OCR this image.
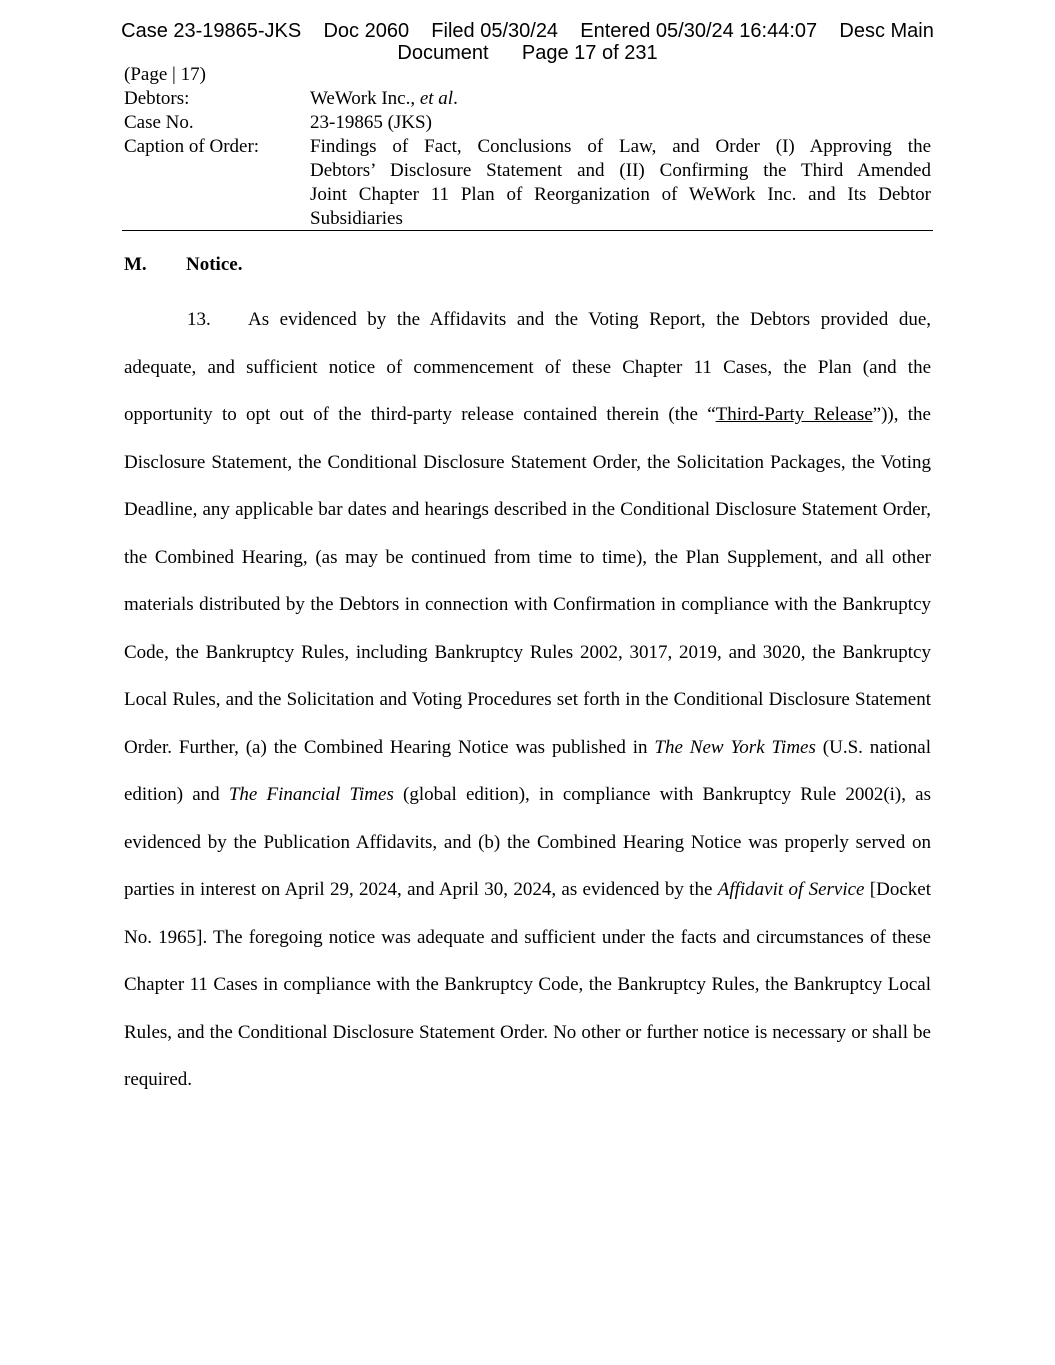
Case 23-19865-JKS    Doc 2060    Filed 05/30/24    Entered 05/30/24 16:44:07    Desc Main
Document Page 17 of 231
(Page | 17)
Debtors:	WeWork Inc., et al.
Case No.	23-19865 (JKS)
Caption of Order:	Findings of Fact, Conclusions of Law, and Order (I) Approving the
Debtors’ Disclosure Statement and (II) Confirming the Third Amended
Joint Chapter 11 Plan of Reorganization of WeWork Inc. and Its Debtor
Subsidiaries
M. Notice.
13. As evidenced by the Affidavits and the Voting Report, the Debtors provided due, adequate, and sufficient notice of commencement of these Chapter 11 Cases, the Plan (and the opportunity to opt out of the third-party release contained therein (the “Third-Party Release”)), the Disclosure Statement, the Conditional Disclosure Statement Order, the Solicitation Packages, the Voting Deadline, any applicable bar dates and hearings described in the Conditional Disclosure Statement Order, the Combined Hearing, (as may be continued from time to time), the Plan Supplement, and all other materials distributed by the Debtors in connection with Confirmation in compliance with the Bankruptcy Code, the Bankruptcy Rules, including Bankruptcy Rules 2002, 3017, 2019, and 3020, the Bankruptcy Local Rules, and the Solicitation and Voting Procedures set forth in the Conditional Disclosure Statement Order. Further, (a) the Combined Hearing Notice was published in The New York Times (U.S. national edition) and The Financial Times (global edition), in compliance with Bankruptcy Rule 2002(i), as evidenced by the Publication Affidavits, and (b) the Combined Hearing Notice was properly served on parties in interest on April 29, 2024, and April 30, 2024, as evidenced by the Affidavit of Service [Docket No. 1965]. The foregoing notice was adequate and sufficient under the facts and circumstances of these Chapter 11 Cases in compliance with the Bankruptcy Code, the Bankruptcy Rules, the Bankruptcy Local Rules, and the Conditional Disclosure Statement Order. No other or further notice is necessary or shall be required.
